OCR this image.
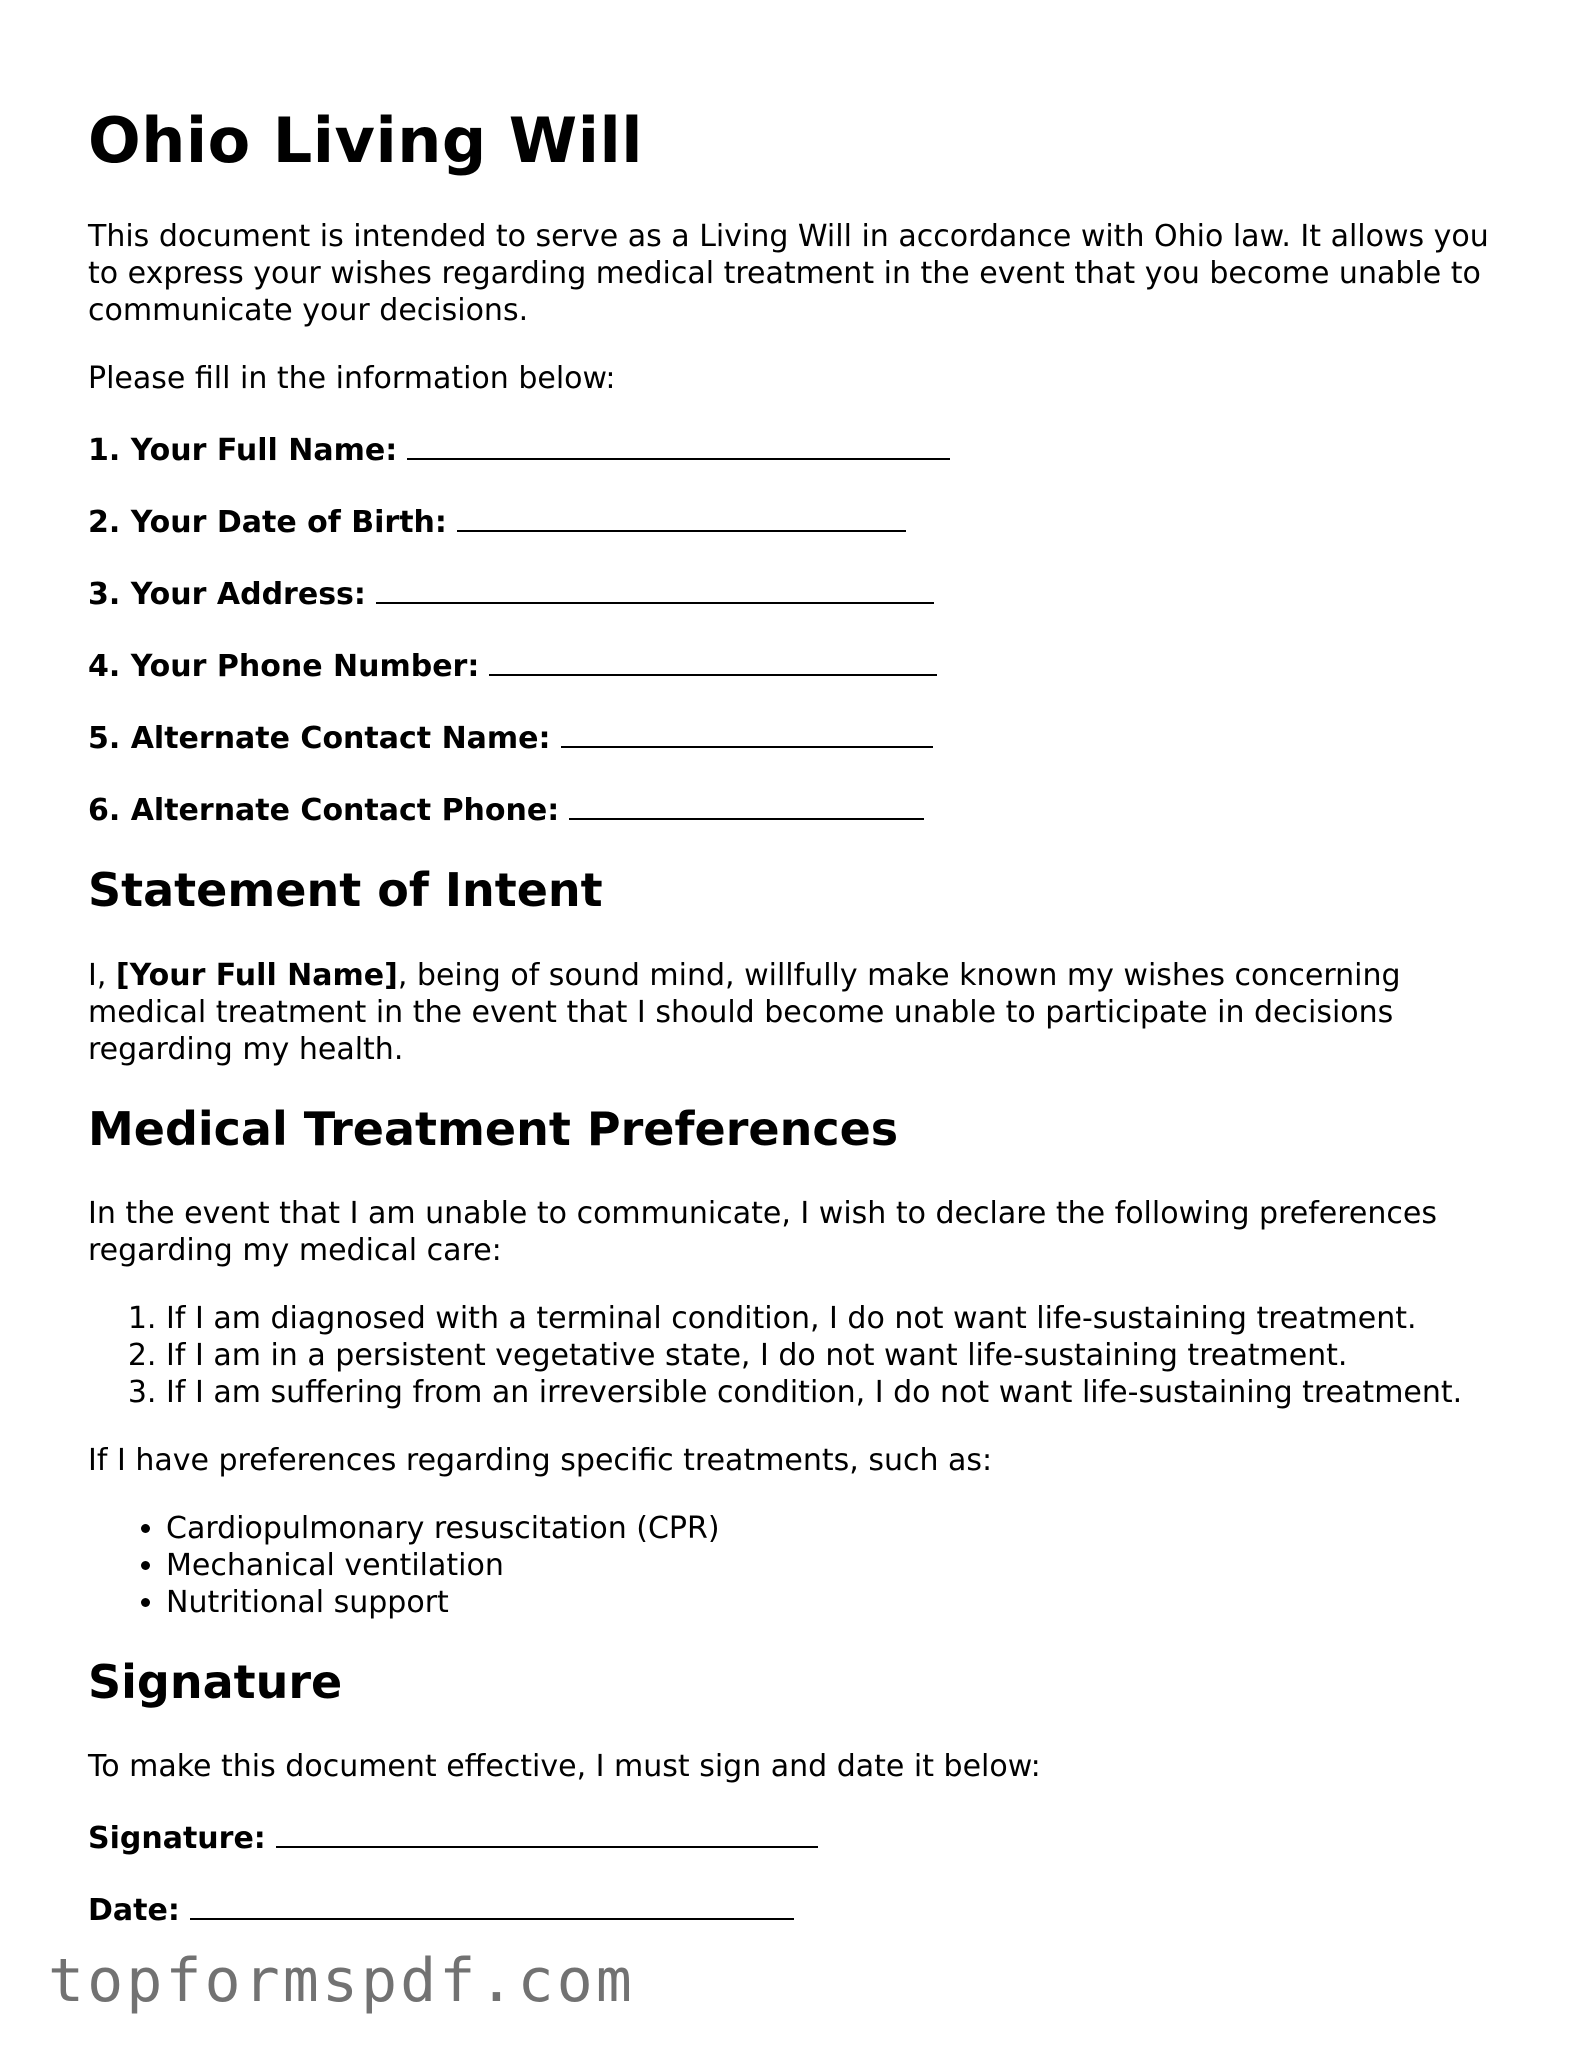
Ohio Living Will

This document is intended to serve as a Living Will in accordance with Ohio law. It allows you to express your wishes regarding medical treatment in the event that you become unable to communicate your decisions.

Please fill in the information below:

1. Your Full Name:
2. Your Date of Birth:
3. Your Address:
4. Your Phone Number:
5. Alternate Contact Name:
6. Alternate Contact Phone:
Statement of Intent

I, [Your Full Name], being of sound mind, willfully make known my wishes concerning medical treatment in the event that I should become unable to participate in decisions regarding my health.

Medical Treatment Preferences

In the event that I am unable to communicate, I wish to declare the following preferences regarding my medical care:

1. If I am diagnosed with a terminal condition, I do not want life-sustaining treatment.
2. If I am in a persistent vegetative state, I do not want life-sustaining treatment.
3. If I am suffering from an irreversible condition, I do not want life-sustaining treatment.

If I have preferences regarding specific treatments, such as:

• Cardiopulmonary resuscitation (CPR)
• Mechanical ventilation
• Nutritional support
Signature

To make this document effective, I must sign and date it below:

Signature:
Date:
topformspdf.com
